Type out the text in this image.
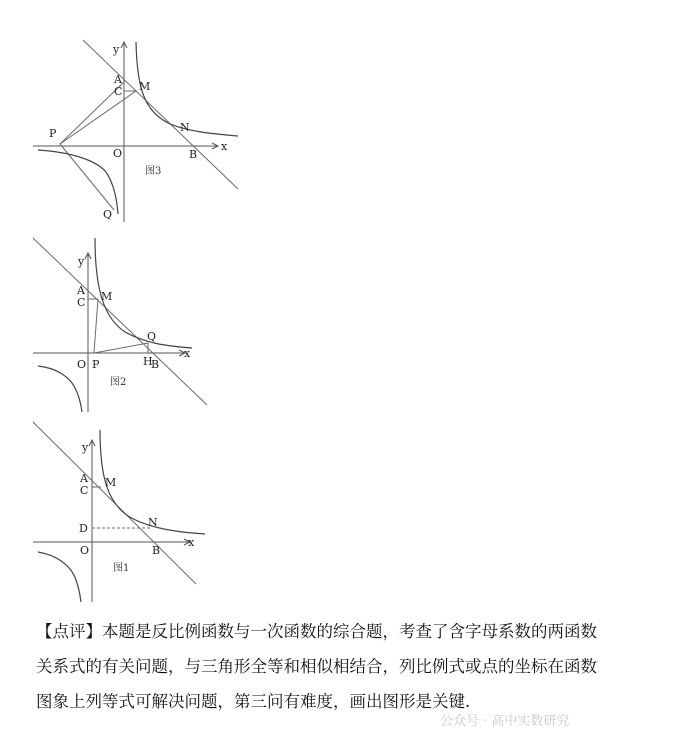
y
A
C M
N
P
O	B
x
Q
图3
y
A
C M
Q
O P	H
B
x
图2
y
A
C
M
D	N
O	B
x
图1

【点评】本题是反比例函数与一次函数的综合题，考查了含字母系数的两函数

关系式的有关问题，与三角形全等和相似相结合，列比例式或点的坐标在函数

图象上列等式可解决问题，第三问有难度，画出图形是关键.

公众号 · 高中实数研究
